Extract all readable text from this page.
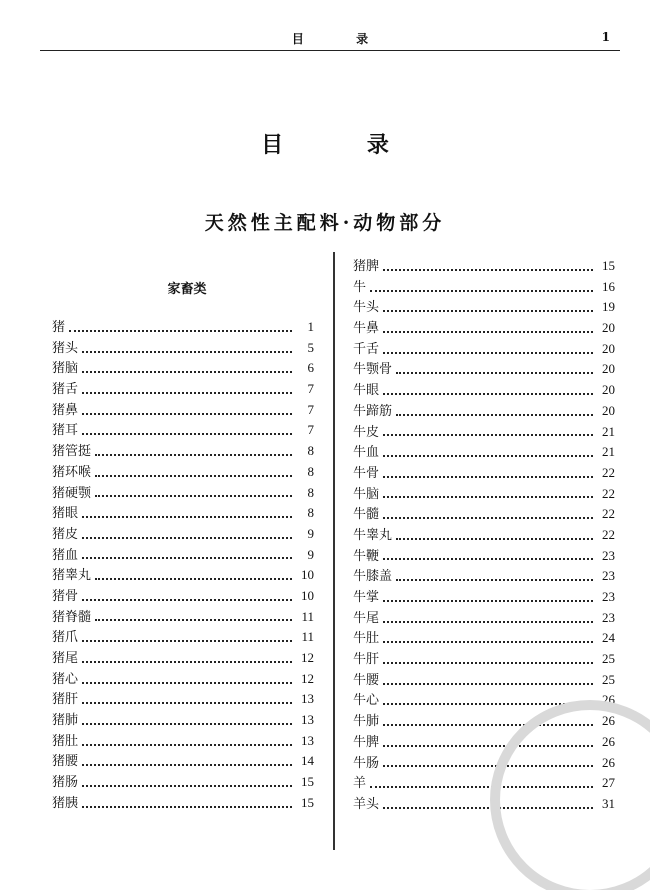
目 录	1
目 录
天然性主配料·动物部分
家畜类
猪	1
猪头	5
猪脑	6
猪舌	7
猪鼻	7
猪耳	7
猪管挺	8
猪环喉	8
猪硬颚	8
猪眼	8
猪皮	9
猪血	9
猪睾丸	10
猪骨	10
猪脊髓	11
猪爪	11
猪尾	12
猪心	12
猪肝	13
猪肺	13
猪肚	13
猪腰	14
猪肠	15
猪胰	15
猪脾	15
牛	16
牛头	19
牛鼻	20
千舌	20
牛颚骨	20
牛眼	20
牛蹄筋	20
牛皮	21
牛血	21
牛骨	22
牛脑	22
牛髓	22
牛睾丸	22
牛鞭	23
牛膝盖	23
牛掌	23
牛尾	23
牛肚	24
牛肝	25
牛腰	25
牛心	26
牛肺	26
牛脾	26
牛肠	26
羊	27
羊头	31
